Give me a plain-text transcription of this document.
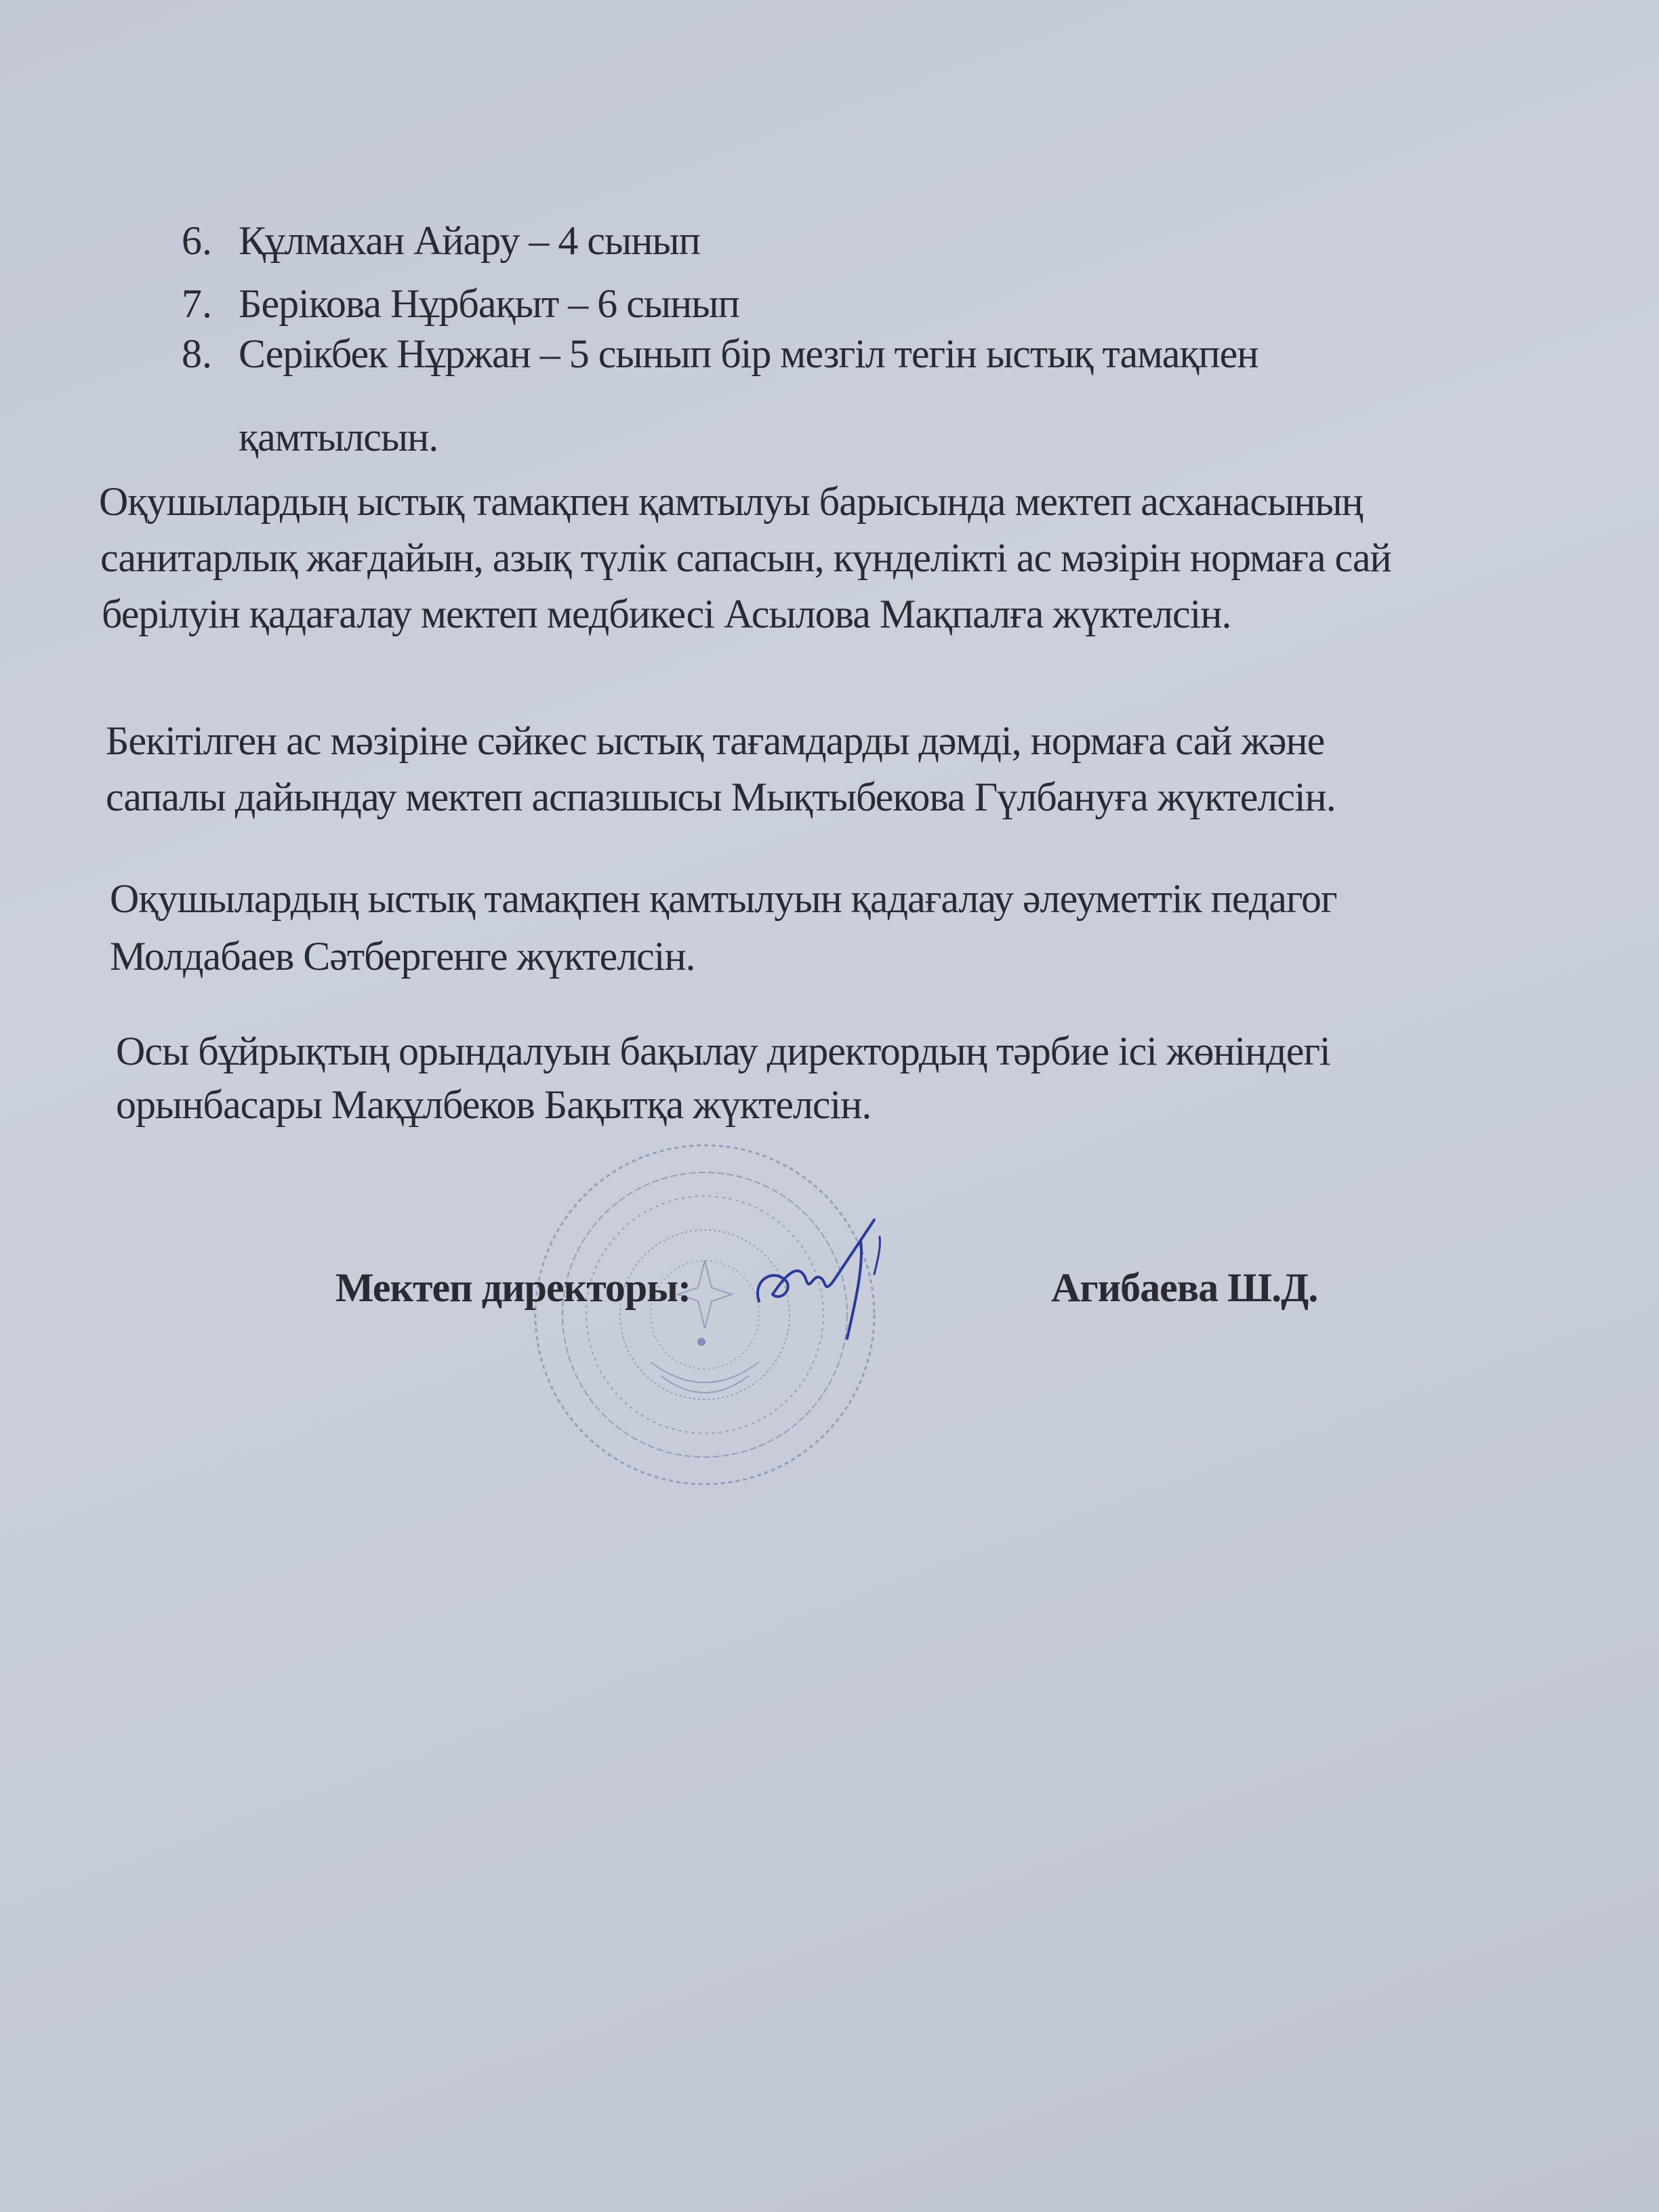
6. Құлмахан Айару – 4 сынып
7. Берікова Нұрбақыт – 6 сынып
8. Серікбек Нұржан – 5 сынып бір мезгіл тегін ыстық тамақпен
қамтылсын.
Оқушылардың ыстық тамақпен қамтылуы барысында мектеп асханасының
санитарлық жағдайын, азық түлік сапасын, күнделікті ас мәзірін нормаға сай
берілуін қадағалау мектеп медбикесі Асылова Мақпалға жүктелсін.
Бекітілген ас мәзіріне сәйкес ыстық тағамдарды дәмді, нормаға сай және
сапалы дайындау мектеп аспазшысы Мықтыбекова Гүлбануға жүктелсін.
Оқушылардың ыстық тамақпен қамтылуын қадағалау әлеуметтік педагог
Молдабаев Сәтбергенге жүктелсін.
Осы бұйрықтың орындалуын бақылау директордың тәрбие ісі жөніндегі
орынбасары Мақұлбеков Бақытқа жүктелсін.
Мектеп директоры:	Агибаева Ш.Д.
